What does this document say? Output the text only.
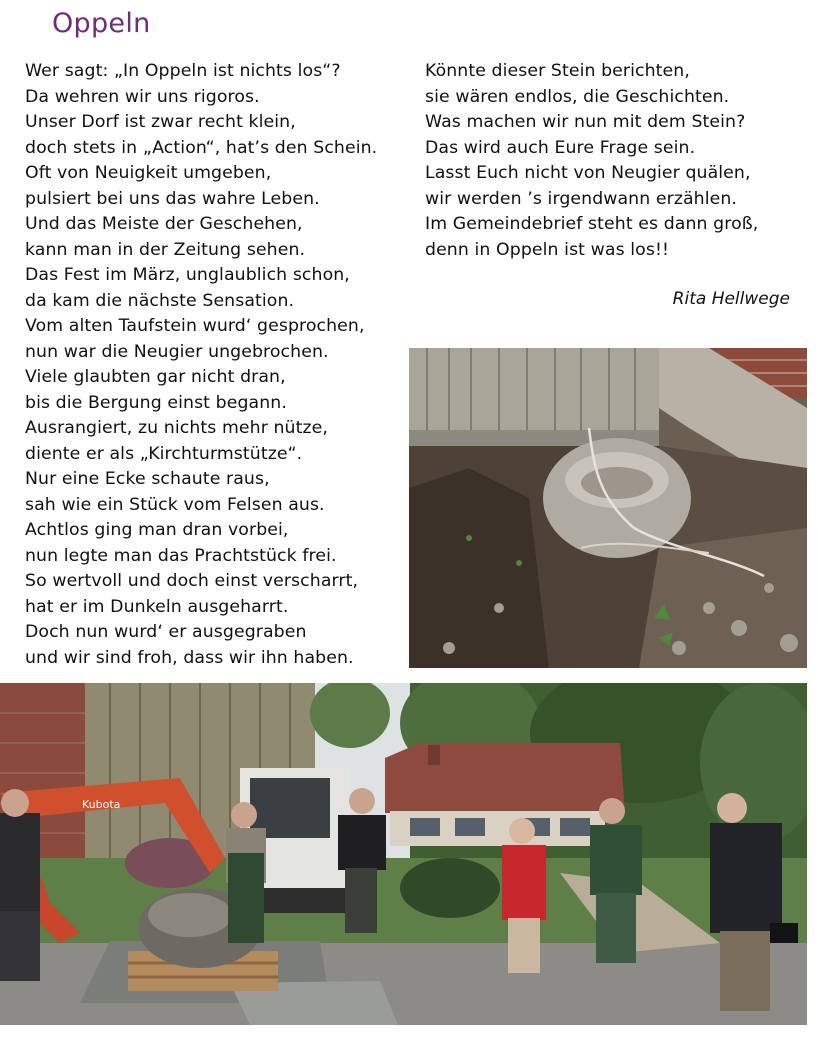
Oppeln
Wer sagt: „In Oppeln ist nichts los“?
Da wehren wir uns rigoros.
Unser Dorf ist zwar recht klein,
doch stets in „Action“, hat’s den Schein.
Oft von Neuigkeit umgeben,
pulsiert bei uns das wahre Leben.
Und das Meiste der Geschehen,
kann man in der Zeitung sehen.
Das Fest im März, unglaublich schon,
da kam die nächste Sensation.
Vom alten Taufstein wurd‘ gesprochen,
nun war die Neugier ungebrochen.
Viele glaubten gar nicht dran,
bis die Bergung einst begann.
Ausrangiert, zu nichts mehr nütze,
diente er als „Kirchturmstütze“.
Nur eine Ecke schaute raus,
sah wie ein Stück vom Felsen aus.
Achtlos ging man dran vorbei,
nun legte man das Prachtstück frei.
So wertvoll und doch einst verscharrt,
hat er im Dunkeln ausgeharrt.
Doch nun wurd‘ er ausgegraben
und wir sind froh, dass wir ihn haben.
Könnte dieser Stein berichten,
sie wären endlos, die Geschichten.
Was machen wir nun mit dem Stein?
Das wird auch Eure Frage sein.
Lasst Euch nicht von Neugier quälen,
wir werden ’s irgendwann erzählen.
Im Gemeindebrief steht es dann groß,
denn in Oppeln ist was los!!
Rita Hellwege
Kubota
